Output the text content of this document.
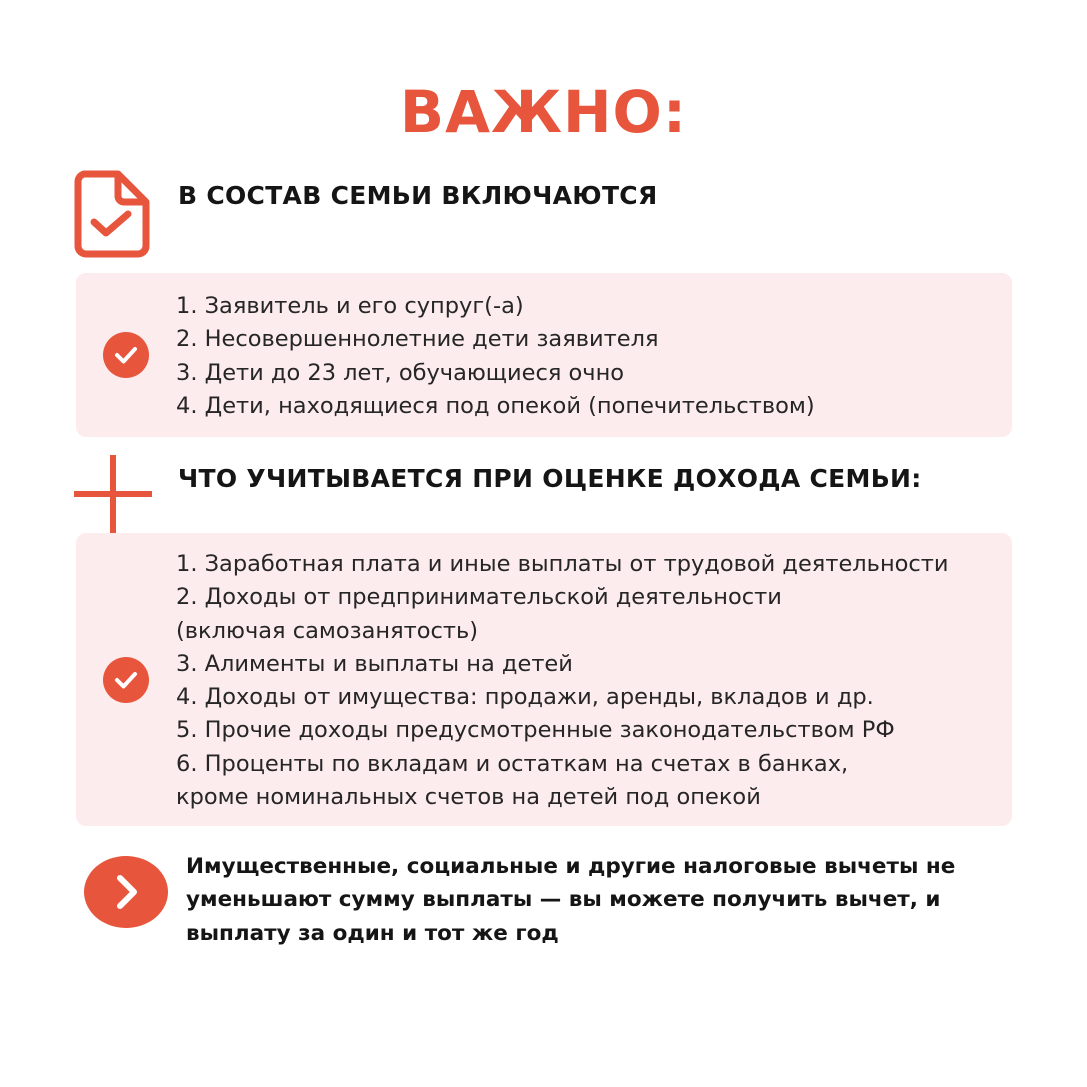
ВАЖНО:
В СОСТАВ СЕМЬИ ВКЛЮЧАЮТСЯ
1. Заявитель и его супруг(-а)
2. Несовершеннолетние дети заявителя
3. Дети до 23 лет, обучающиеся очно
4. Дети, находящиеся под опекой (попечительством)
ЧТО УЧИТЫВАЕТСЯ ПРИ ОЦЕНКЕ ДОХОДА СЕМЬИ:
1. Заработная плата и иные выплаты от трудовой деятельности
2. Доходы от предпринимательской деятельности
(включая самозанятость)
3. Алименты и выплаты на детей
4. Доходы от имущества: продажи, аренды, вкладов и др.
5. Прочие доходы предусмотренные законодательством РФ
6. Проценты по вкладам и остаткам на счетах в банках,
кроме номинальных счетов на детей под опекой
Имущественные, социальные и другие налоговые вычеты не
уменьшают сумму выплаты — вы можете получить вычет, и
выплату за один и тот же год
